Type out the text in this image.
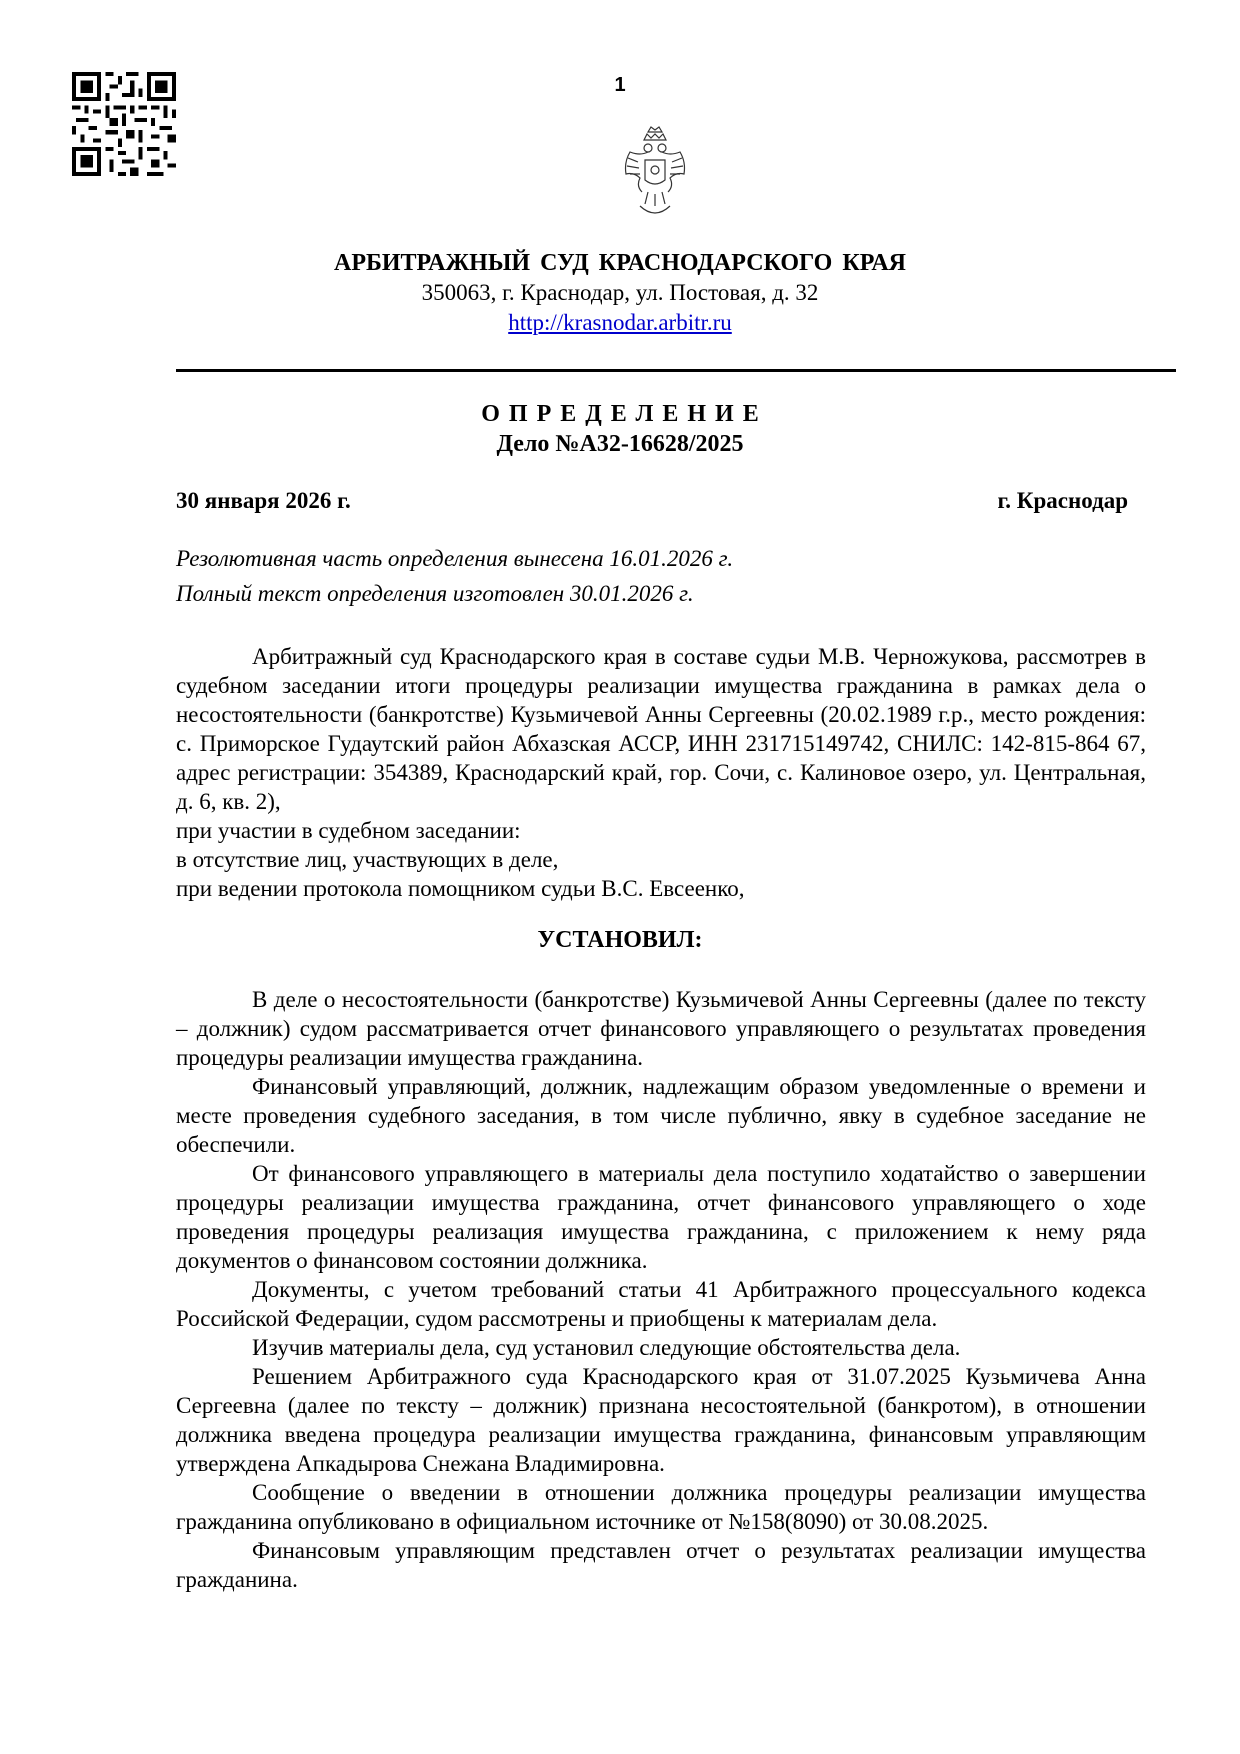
1
АРБИТРАЖНЫЙ СУД КРАСНОДАРСКОГО КРАЯ
350063, г. Краснодар, ул. Постовая, д. 32
http://krasnodar.arbitr.ru
ОПРЕДЕЛЕНИЕ
Дело №А32-16628/2025
30 января 2026 г.	г. Краснодар
Резолютивная часть определения вынесена 16.01.2026 г.
Полный текст определения изготовлен 30.01.2026 г.

Арбитражный суд Краснодарского края в составе судьи М.В. Черножукова, рассмотрев в судебном заседании итоги процедуры реализации имущества гражданина в рамках дела о несостоятельности (банкротстве) Кузьмичевой Анны Сергеевны (20.02.1989 г.р., место рождения: с. Приморское Гудаутский район Абхазская АССР, ИНН 231715149742, СНИЛС: 142-815-864 67, адрес регистрации: 354389, Краснодарский край, гор. Сочи, с. Калиновое озеро, ул. Центральная, д. 6, кв. 2),

при участии в судебном заседании:

в отсутствие лиц, участвующих в деле,

при ведении протокола помощником судьи В.С. Евсеенко,

УСТАНОВИЛ:

В деле о несостоятельности (банкротстве) Кузьмичевой Анны Сергеевны (далее по тексту – должник) судом рассматривается отчет финансового управляющего о результатах проведения процедуры реализации имущества гражданина.

Финансовый управляющий, должник, надлежащим образом уведомленные о времени и месте проведения судебного заседания, в том числе публично, явку в судебное заседание не обеспечили.

От финансового управляющего в материалы дела поступило ходатайство о завершении процедуры реализации имущества гражданина, отчет финансового управляющего о ходе проведения процедуры реализация имущества гражданина, с приложением к нему ряда документов о финансовом состоянии должника.

Документы, с учетом требований статьи 41 Арбитражного процессуального кодекса Российской Федерации, судом рассмотрены и приобщены к материалам дела.

Изучив материалы дела, суд установил следующие обстоятельства дела.

Решением Арбитражного суда Краснодарского края от 31.07.2025 Кузьмичева Анна Сергеевна (далее по тексту – должник) признана несостоятельной (банкротом), в отношении должника введена процедура реализации имущества гражданина, финансовым управляющим утверждена Апкадырова Снежана Владимировна.

Сообщение о введении в отношении должника процедуры реализации имущества гражданина опубликовано в официальном источнике от №158(8090) от 30.08.2025.

Финансовым управляющим представлен отчет о результатах реализации имущества гражданина.
